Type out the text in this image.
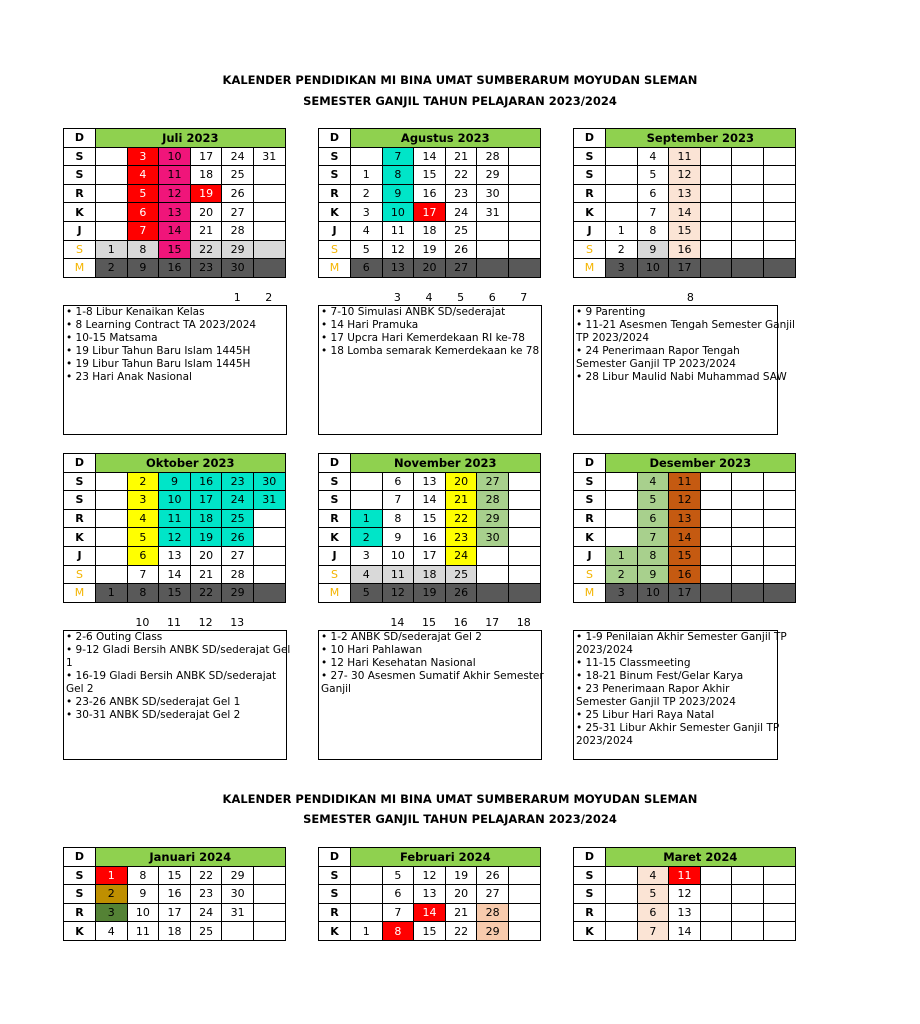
KALENDER PENDIDIKAN MI BINA UMAT SUMBERARUM MOYUDAN SLEMAN
SEMESTER GANJIL TAHUN PELAJARAN 2023/2024
KALENDER PENDIDIKAN MI BINA UMAT SUMBERARUM MOYUDAN SLEMAN
SEMESTER GANJIL TAHUN PELAJARAN 2023/2024
D	Juli 2023					
S		3	10	17	24	31
S		4	11	18	25	
R		5	12	19	26	
K		6	13	20	27	
J		7	14	21	28	
S	1	8	15	22	29	
M	2	9	16	23	30	
1	2
• 1-8 Libur Kenaikan Kelas
• 8 Learning Contract TA 2023/2024
• 10-15 Matsama
• 19 Libur Tahun Baru Islam 1445H
• 19 Libur Tahun Baru Islam 1445H
• 23 Hari Anak Nasional
D	Agustus 2023					
S		7	14	21	28	
S	1	8	15	22	29	
R	2	9	16	23	30	
K	3	10	17	24	31	
J	4	11	18	25		
S	5	12	19	26		
M	6	13	20	27		
3	4	5	6	7
• 7-10 Simulasi ANBK SD/sederajat
• 14 Hari Pramuka
• 17 Upcra Hari Kemerdekaan RI ke-78
• 18 Lomba semarak Kemerdekaan ke 78
D	September 2023					
S		4	11			
S		5	12			
R		6	13			
K		7	14			
J	1	8	15			
S	2	9	16			
M	3	10	17			
8
• 9 Parenting
• 11-21 Asesmen Tengah Semester Ganjil
TP 2023/2024
• 24 Penerimaan Rapor Tengah
Semester Ganjil TP 2023/2024
• 28 Libur Maulid Nabi Muhammad SAW
D	Oktober 2023					
S		2	9	16	23	30
S		3	10	17	24	31
R		4	11	18	25	
K		5	12	19	26	
J		6	13	20	27	
S		7	14	21	28	
M	1	8	15	22	29	
10 11 12 13
• 2-6 Outing Class
• 9-12 Gladi Bersih ANBK SD/sederajat Gel
1
• 16-19 Gladi Bersih ANBK SD/sederajat
Gel 2
• 23-26 ANBK SD/sederajat Gel 1
• 30-31 ANBK SD/sederajat Gel 2
D	November 2023					
S		6	13	20	27	
S		7	14	21	28	
R	1	8	15	22	29	
K	2	9	16	23	30	
J	3	10	17	24		
S	4	11	18	25		
M	5	12	19	26		
14 15 16 17 18
• 1-2 ANBK SD/sederajat Gel 2
• 10 Hari Pahlawan
• 12 Hari Kesehatan Nasional
• 27- 30 Asesmen Sumatif Akhir Semester
Ganjil
D	Desember 2023					
S		4	11			
S		5	12			
R		6	13			
K		7	14			
J	1	8	15			
S	2	9	16			
M	3	10	17			
• 1-9 Penilaian Akhir Semester Ganjil TP
2023/2024
• 11-15 Classmeeting
• 18-21 Binum Fest/Gelar Karya
• 23 Penerimaan Rapor Akhir
Semester Ganjil TP 2023/2024
• 25 Libur Hari Raya Natal
• 25-31 Libur Akhir Semester Ganjil TP
2023/2024
D	Januari 2024					
S	1	8	15	22	29	
S	2	9	16	23	30	
R	3	10	17	24	31	
K	4	11	18	25		
D	Februari 2024					
S		5	12	19	26	
S		6	13	20	27	
R		7	14	21	28	
K	1	8	15	22	29	
D	Maret 2024					
S		4	11			
S		5	12			
R		6	13			
K		7	14			
